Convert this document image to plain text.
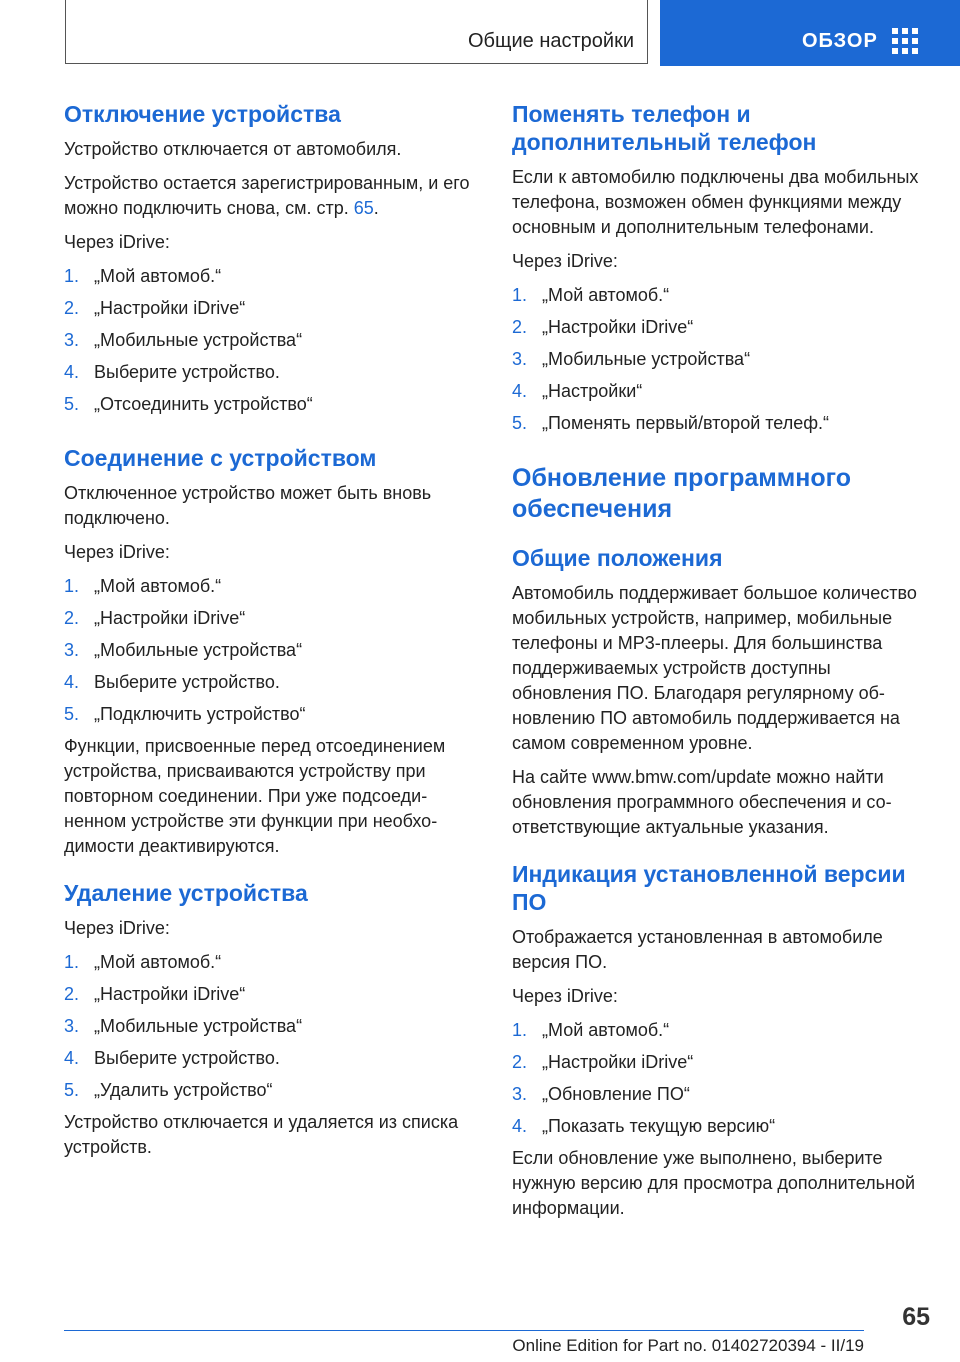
Общие настройки	ОБЗОР
Отключение устройства

Устройство отключается от автомобиля.

Устройство остается зарегистрированным, и его можно подключить снова, см. стр. 65.

Через iDrive:

1. „Мой автомоб.“
2. „Настройки iDrive“
3. „Мобильные устройства“
4. Выберите устройство.
5. „Отсоединить устройство“
Соединение с устройством

Отключенное устройство может быть вновь подключено.

Через iDrive:

1. „Мой автомоб.“
2. „Настройки iDrive“
3. „Мобильные устройства“
4. Выберите устройство.
5. „Подключить устройство“

Функции, присвоенные перед отсоединением устройства, присваиваются устройству при повторном соединении. При уже подсоединенном устройстве эти функции при необходимости деактивируются.

Удаление устройства

Через iDrive:

1. „Мой автомоб.“
2. „Настройки iDrive“
3. „Мобильные устройства“
4. Выберите устройство.
5. „Удалить устройство“

Устройство отключается и удаляется из списка устройств.

Поменять телефон и дополнительный телефон

Если к автомобилю подключены два мобильных телефона, возможен обмен функциями между основным и дополнительным телефонами.

Через iDrive:

1. „Мой автомоб.“
2. „Настройки iDrive“
3. „Мобильные устройства“
4. „Настройки“
5. „Поменять первый/второй телеф.“
Обновление программного обеспечения
Общие положения

Автомобиль поддерживает большое количество мобильных устройств, например, мобильные телефоны и MP3-плееры. Для большинства поддерживаемых устройств доступны обновления ПО. Благодаря регулярному обновлению ПО автомобиль поддерживается на самом современном уровне.

На сайте www.bmw.com/update можно найти обновления программного обеспечения и соответствующие актуальные указания.

Индикация установленной версии ПО

Отображается установленная в автомобиле версия ПО.

Через iDrive:

1. „Мой автомоб.“
2. „Настройки iDrive“
3. „Обновление ПО“
4. „Показать текущую версию“

Если обновление уже выполнено, выберите нужную версию для просмотра дополнительной информации.

65
Online Edition for Part no. 01402720394 - II/19
